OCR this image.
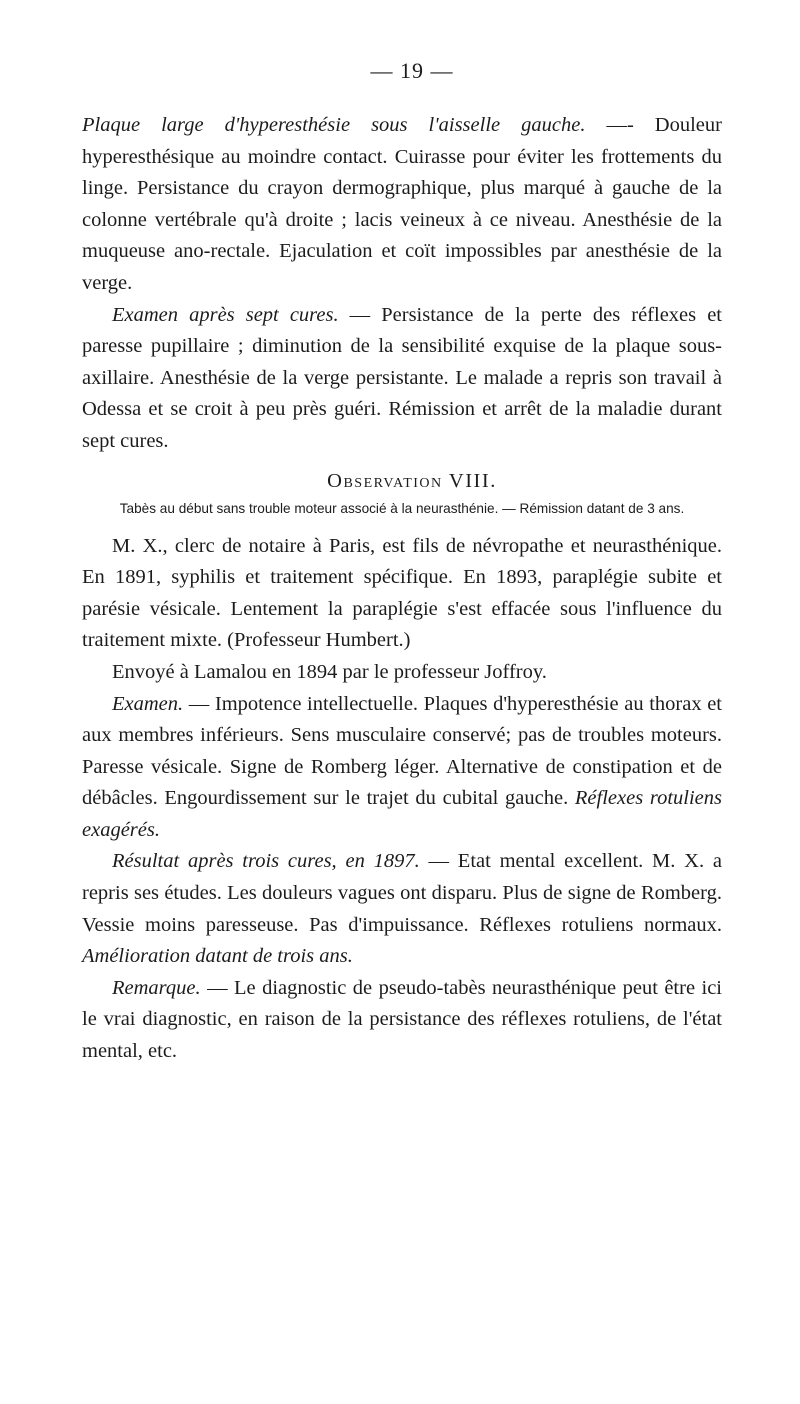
— 19 —

Plaque large d'hyperesthésie sous l'aisselle gauche. —- Douleur hyperesthésique au moindre contact. Cuirasse pour éviter les frottements du linge. Persistance du crayon dermographique, plus marqué à gauche de la colonne vertébrale qu'à droite ; lacis veineux à ce niveau. Anesthésie de la muqueuse ano-rectale. Ejaculation et coït impossibles par anesthésie de la verge.

Examen après sept cures. — Persistance de la perte des réflexes et paresse pupillaire ; diminution de la sensibilité exquise de la plaque sous-axillaire. Anesthésie de la verge persistante. Le malade a repris son travail à Odessa et se croit à peu près guéri. Rémission et arrêt de la maladie durant sept cures.

Observation VIII.
Tabès au début sans trouble moteur associé à la neurasthénie. — Rémission datant de 3 ans.

M. X., clerc de notaire à Paris, est fils de névropathe et neurasthénique. En 1891, syphilis et traitement spécifique. En 1893, paraplégie subite et parésie vésicale. Lentement la paraplégie s'est effacée sous l'influence du traitement mixte. (Professeur Humbert.)

Envoyé à Lamalou en 1894 par le professeur Joffroy.

Examen. — Impotence intellectuelle. Plaques d'hyperesthésie au thorax et aux membres inférieurs. Sens musculaire conservé; pas de troubles moteurs. Paresse vésicale. Signe de Romberg léger. Alternative de constipation et de débâcles. Engourdissement sur le trajet du cubital gauche. Réflexes rotuliens exagérés.

Résultat après trois cures, en 1897. — Etat mental excellent. M. X. a repris ses études. Les douleurs vagues ont disparu. Plus de signe de Romberg. Vessie moins paresseuse. Pas d'impuissance. Réflexes rotuliens normaux. Amélioration datant de trois ans.

Remarque. — Le diagnostic de pseudo-tabès neurasthénique peut être ici le vrai diagnostic, en raison de la persistance des réflexes rotuliens, de l'état mental, etc.
